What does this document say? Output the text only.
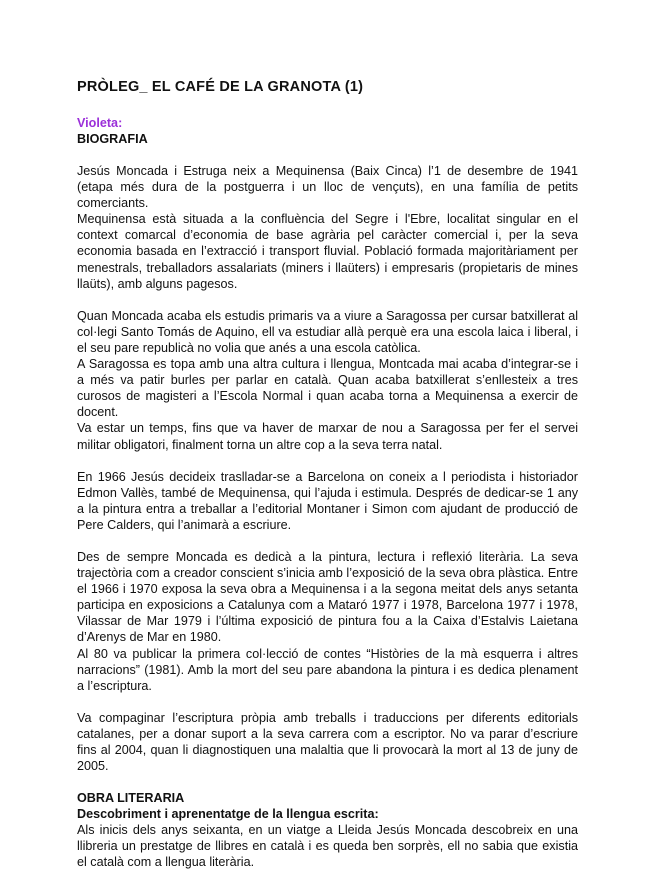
PRÒLEG_ EL CAFÉ DE LA GRANOTA (1)
Violeta:
BIOGRAFIA

Jesús Moncada i Estruga neix a Mequinensa (Baix Cinca) l’1 de desembre de 1941 (etapa més dura de la postguerra i un lloc de vençuts), en una família de petits comerciants.

Mequinensa està situada a la confluència del Segre i l'Ebre, localitat singular en el context comarcal d’economia de base agrària pel caràcter comercial i, per la seva economia basada en l’extracció i transport fluvial. Població formada majoritàriament per menestrals, treballadors assalariats (miners i llaüters) i empresaris (propietaris de mines llaüts), amb alguns pagesos.

Quan Moncada acaba els estudis primaris va a viure a Saragossa per cursar batxillerat al col·legi Santo Tomás de Aquino, ell va estudiar allà perquè era una escola laica i liberal, i el seu pare republicà no volia que anés a una escola catòlica.

A Saragossa es topa amb una altra cultura i llengua, Montcada mai acaba d’integrar-se i a més va patir burles per parlar en català. Quan acaba batxillerat s’enllesteix a tres curosos de magisteri a l’Escola Normal i quan acaba torna a Mequinensa a exercir de docent.

Va estar un temps, fins que va haver de marxar de nou a Saragossa per fer el servei militar obligatori, finalment torna un altre cop a la seva terra natal.

En 1966 Jesús decideix traslladar-se a Barcelona on coneix a l periodista i historiador Edmon Vallès, també de Mequinensa, qui l’ajuda i estimula. Després de dedicar-se 1 any a la pintura entra a treballar a l’editorial Montaner i Simon com ajudant de producció de Pere Calders, qui l’animarà a escriure.

Des de sempre Moncada es dedicà a la pintura, lectura i reflexió literària. La seva trajectòria com a creador conscient s’inicia amb l’exposició de la seva obra plàstica. Entre el 1966 i 1970 exposa la seva obra a Mequinensa i a la segona meitat dels anys setanta participa en exposicions a Catalunya com a Mataró 1977 i 1978, Barcelona 1977 i 1978, Vilassar de Mar 1979 i l’última exposició de pintura fou a la Caixa d’Estalvis Laietana d’Arenys de Mar en 1980.

Al 80 va publicar la primera col·lecció de contes “Històries de la mà esquerra i altres narracions” (1981). Amb la mort del seu pare abandona la pintura i es dedica plenament a l’escriptura.

Va compaginar l’escriptura pròpia amb treballs i traduccions per diferents editorials catalanes, per a donar suport a la seva carrera com a escriptor. No va parar d’escriure fins al 2004, quan li diagnostiquen una malaltia que li provocarà la mort al 13 de juny de 2005.

OBRA LITERARIA
Descobriment i aprenentatge de la llengua escrita:

Als inicis dels anys seixanta, en un viatge a Lleida Jesús Moncada descobreix en una llibreria un prestatge de llibres en català i es queda ben sorprès, ell no sabia que existia el català com a llengua literària.
